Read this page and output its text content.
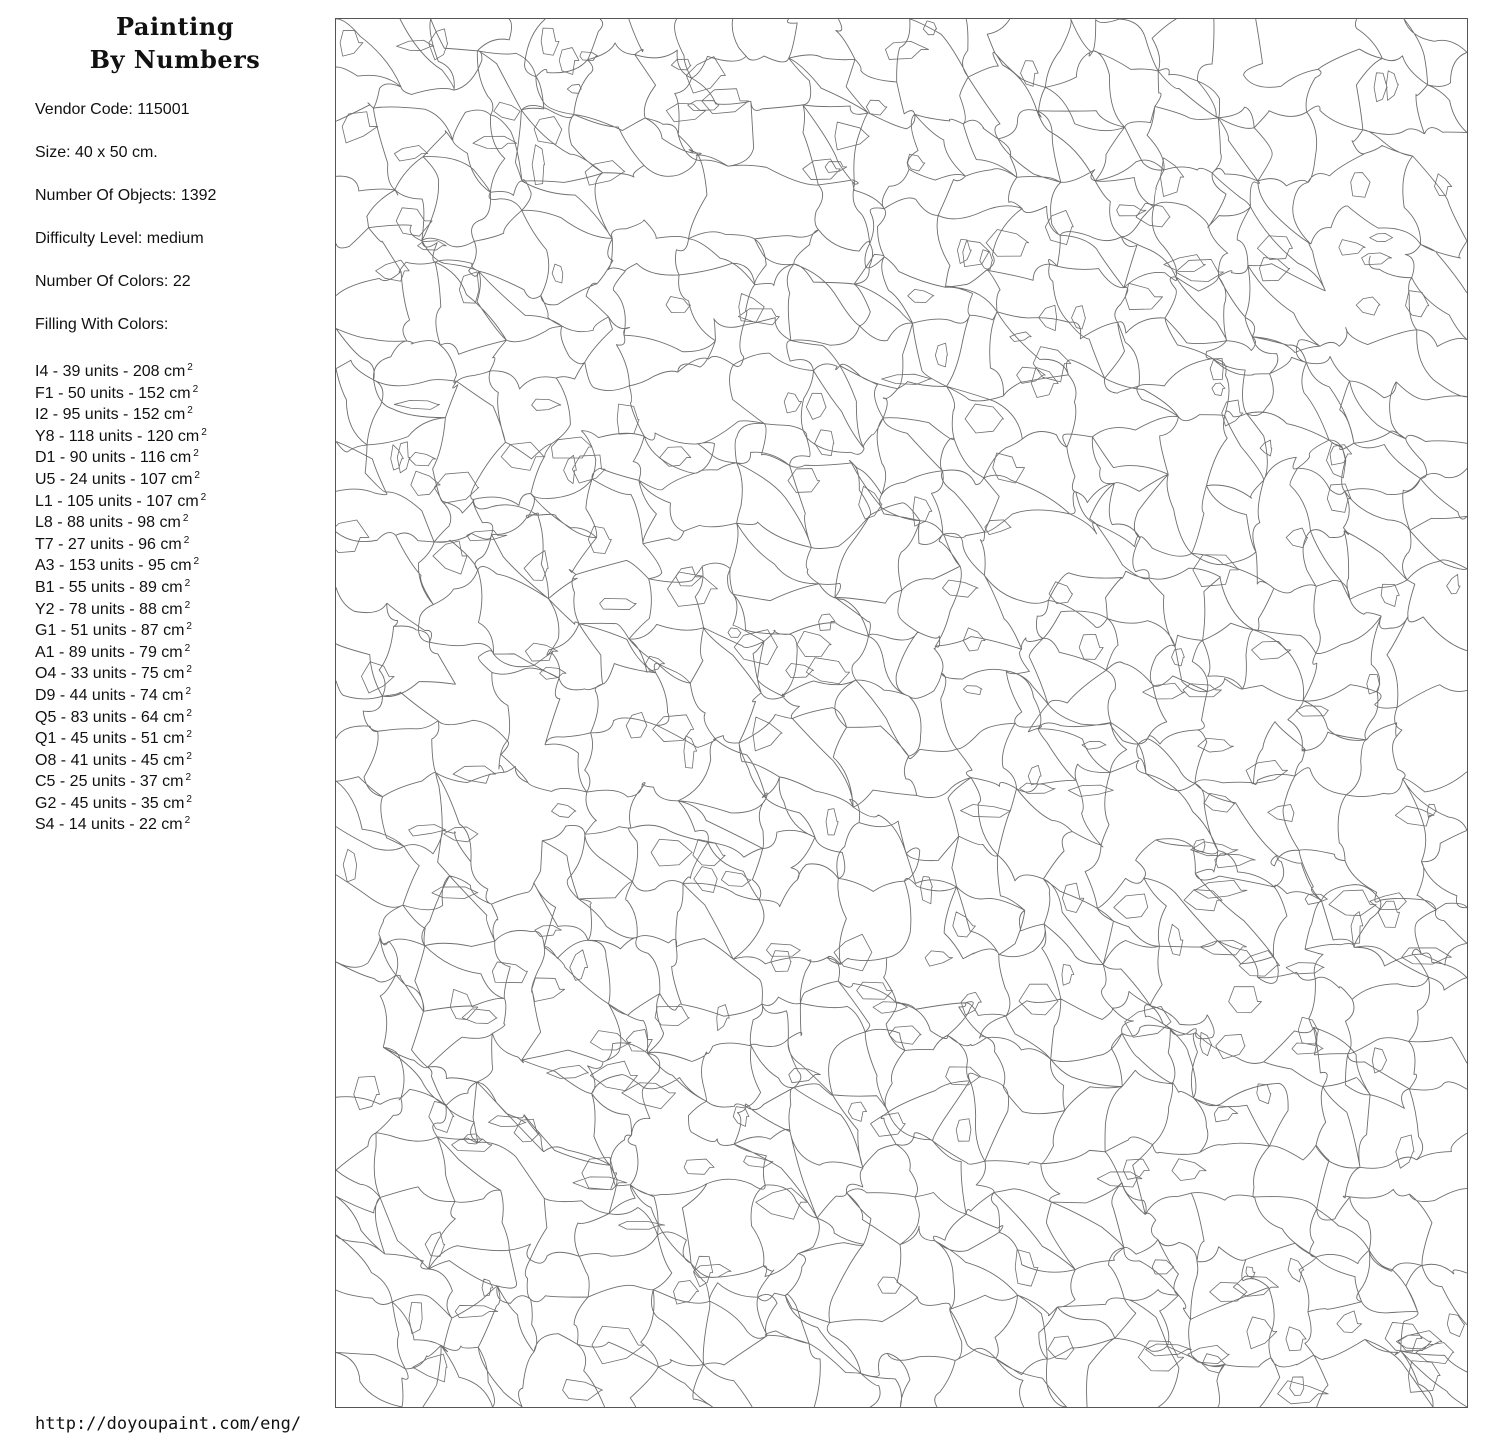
Painting
By Numbers
Vendor Code: 115001
Size: 40 x 50 cm.
Number Of Objects: 1392
Difficulty Level: medium
Number Of Colors: 22
Filling With Colors:
I4 - 39 units - 208 cm $^2$
F1 - 50 units - 152 cm $^2$
I2 - 95 units - 152 cm $^2$
Y8 - 118 units - 120 cm $^2$
D1 - 90 units - 116 cm $^2$
U5 - 24 units - 107 cm $^2$
L1 - 105 units - 107 cm $^2$
L8 - 88 units - 98 cm $^2$
T7 - 27 units - 96 cm $^2$
A3 - 153 units - 95 cm $^2$
B1 - 55 units - 89 cm $^2$
Y2 - 78 units - 88 cm $^2$
G1 - 51 units - 87 cm $^2$
A1 - 89 units - 79 cm $^2$
O4 - 33 units - 75 cm $^2$
D9 - 44 units - 74 cm $^2$
Q5 - 83 units - 64 cm $^2$
Q1 - 45 units - 51 cm $^2$
O8 - 41 units - 45 cm $^2$
C5 - 25 units - 37 cm $^2$
G2 - 45 units - 35 cm $^2$
S4 - 14 units - 22 cm $^2$
http://doyoupaint.com/eng/
